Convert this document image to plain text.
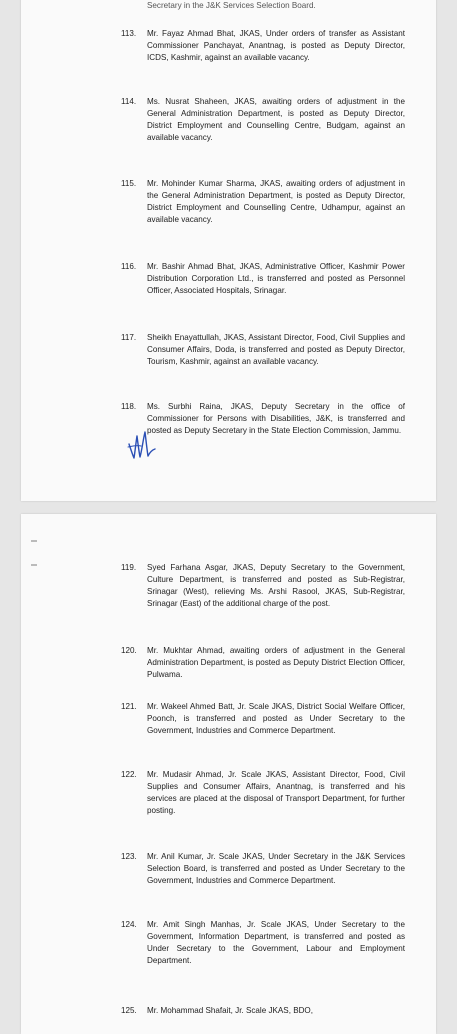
Secretary in the J&K Services Selection Board.
113. Mr. Fayaz Ahmad Bhat, JKAS, Under orders of transfer as Assistant Commissioner Panchayat, Anantnag, is posted as Deputy Director, ICDS, Kashmir, against an available vacancy.
114. Ms. Nusrat Shaheen, JKAS, awaiting orders of adjustment in the General Administration Department, is posted as Deputy Director, District Employment and Counselling Centre, Budgam, against an available vacancy.
115. Mr. Mohinder Kumar Sharma, JKAS, awaiting orders of adjustment in the General Administration Department, is posted as Deputy Director, District Employment and Counselling Centre, Udhampur, against an available vacancy.
116. Mr. Bashir Ahmad Bhat, JKAS, Administrative Officer, Kashmir Power Distribution Corporation Ltd., is transferred and posted as Personnel Officer, Associated Hospitals, Srinagar.
117. Sheikh Enayattullah, JKAS, Assistant Director, Food, Civil Supplies and Consumer Affairs, Doda, is transferred and posted as Deputy Director, Tourism, Kashmir, against an available vacancy.
118. Ms. Surbhi Raina, JKAS, Deputy Secretary in the office of Commissioner for Persons with Disabilities, J&K, is transferred and posted as Deputy Secretary in the State Election Commission, Jammu.
119. Syed Farhana Asgar, JKAS, Deputy Secretary to the Government, Culture Department, is transferred and posted as Sub-Registrar, Srinagar (West), relieving Ms. Arshi Rasool, JKAS, Sub-Registrar, Srinagar (East) of the additional charge of the post.
120. Mr. Mukhtar Ahmad, awaiting orders of adjustment in the General Administration Department, is posted as Deputy District Election Officer, Pulwama.
121. Mr. Wakeel Ahmed Batt, Jr. Scale JKAS, District Social Welfare Officer, Poonch, is transferred and posted as Under Secretary to the Government, Industries and Commerce Department.
122. Mr. Mudasir Ahmad, Jr. Scale JKAS, Assistant Director, Food, Civil Supplies and Consumer Affairs, Anantnag, is transferred and his services are placed at the disposal of Transport Department, for further posting.
123. Mr. Anil Kumar, Jr. Scale JKAS, Under Secretary in the J&K Services Selection Board, is transferred and posted as Under Secretary to the Government, Industries and Commerce Department.
124. Mr. Amit Singh Manhas, Jr. Scale JKAS, Under Secretary to the Government, Information Department, is transferred and posted as Under Secretary to the Government, Labour and Employment Department.
125. Mr. Mohammad Shafait, Jr. Scale JKAS, BDO,
